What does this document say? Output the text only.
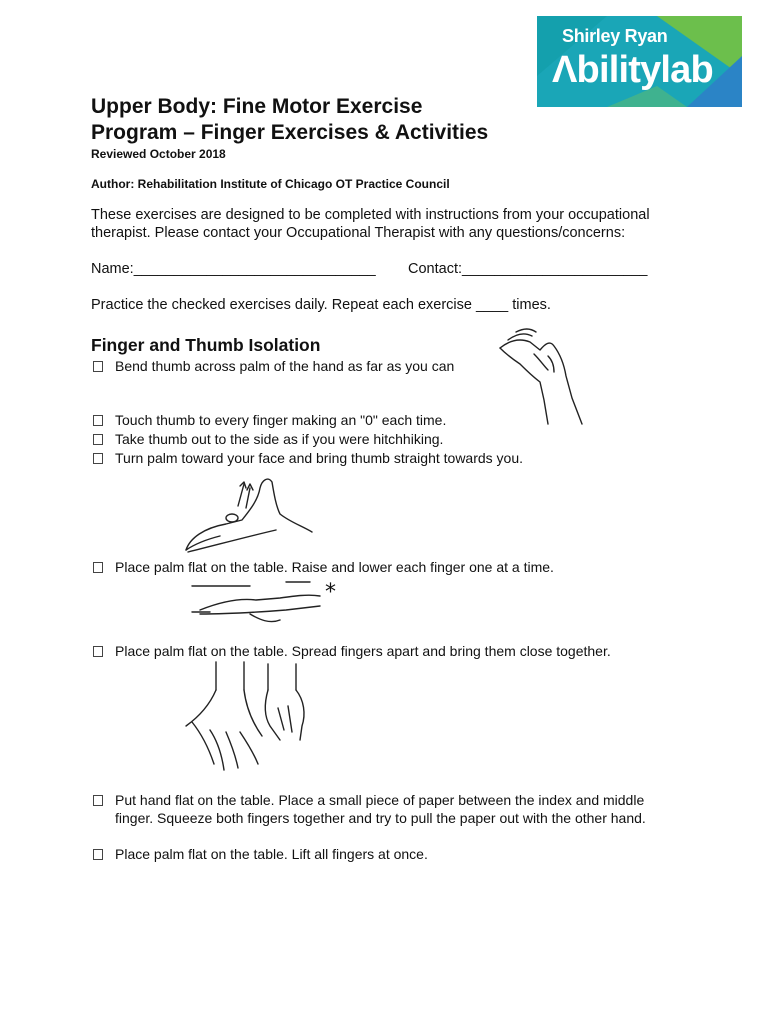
Shirley Ryan
Λbilitylab
Upper Body: Fine Motor Exercise
Program – Finger Exercises & Activities
Reviewed October 2018
Author: Rehabilitation Institute of Chicago OT Practice Council
These exercises are designed to be completed with instructions from your occupational
therapist. Please contact your Occupational Therapist with any questions/concerns:
Name:______________________________ Contact:_______________________
Practice the checked exercises daily. Repeat each exercise ____ times.
Finger and Thumb Isolation
Bend thumb across palm of the hand as far as you can
Touch thumb to every finger making an "0" each time.
Take thumb out to the side as if you were hitchhiking.
Turn palm toward your face and bring thumb straight towards you.
Place palm flat on the table. Raise and lower each finger one at a time.
Place palm flat on the table. Spread fingers apart and bring them close together.
Put hand flat on the table. Place a small piece of paper between the index and middle finger. Squeeze both fingers together and try to pull the paper out with the other hand.
Place palm flat on the table. Lift all fingers at once.
*
